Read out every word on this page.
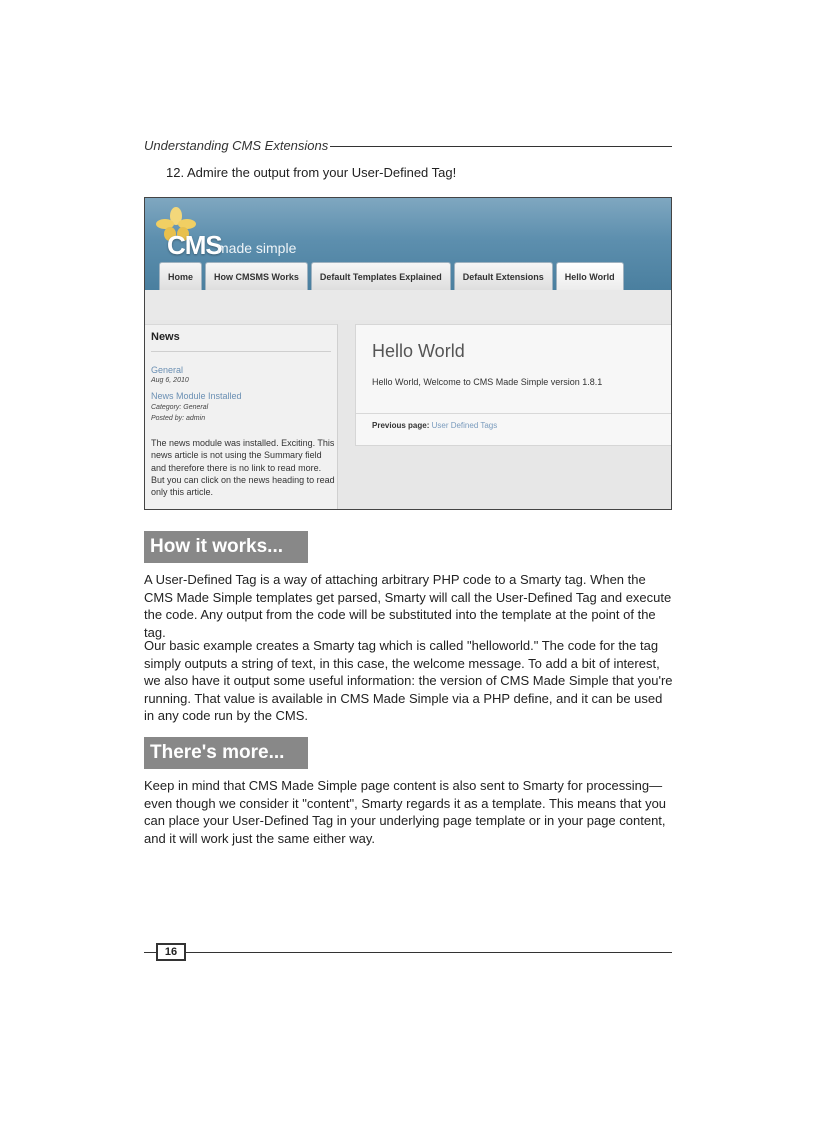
Understanding CMS Extensions
12. Admire the output from your User-Defined Tag!
CMS
made simple
Home	How CMSMS Works	Default Templates Explained	Default Extensions	Hello World
News
General
Aug 6, 2010
News Module Installed
Category: General
Posted by: admin
The news module was installed. Exciting. This news article is not using the Summary field and therefore there is no link to read more. But you can click on the news heading to read only this article.
Hello World
Hello World, Welcome to CMS Made Simple version 1.8.1
Previous page: User Defined Tags
How it works...
A User-Defined Tag is a way of attaching arbitrary PHP code to a Smarty tag. When the CMS Made Simple templates get parsed, Smarty will call the User-Defined Tag and execute the code. Any output from the code will be substituted into the template at the point of the tag.
Our basic example creates a Smarty tag which is called "helloworld." The code for the tag simply outputs a string of text, in this case, the welcome message. To add a bit of interest, we also have it output some useful information: the version of CMS Made Simple that you're running. That value is available in CMS Made Simple via a PHP define, and it can be used in any code run by the CMS.
There's more...
Keep in mind that CMS Made Simple page content is also sent to Smarty for processing—even though we consider it "content", Smarty regards it as a template. This means that you can place your User-Defined Tag in your underlying page template or in your page content, and it will work just the same either way.
16
